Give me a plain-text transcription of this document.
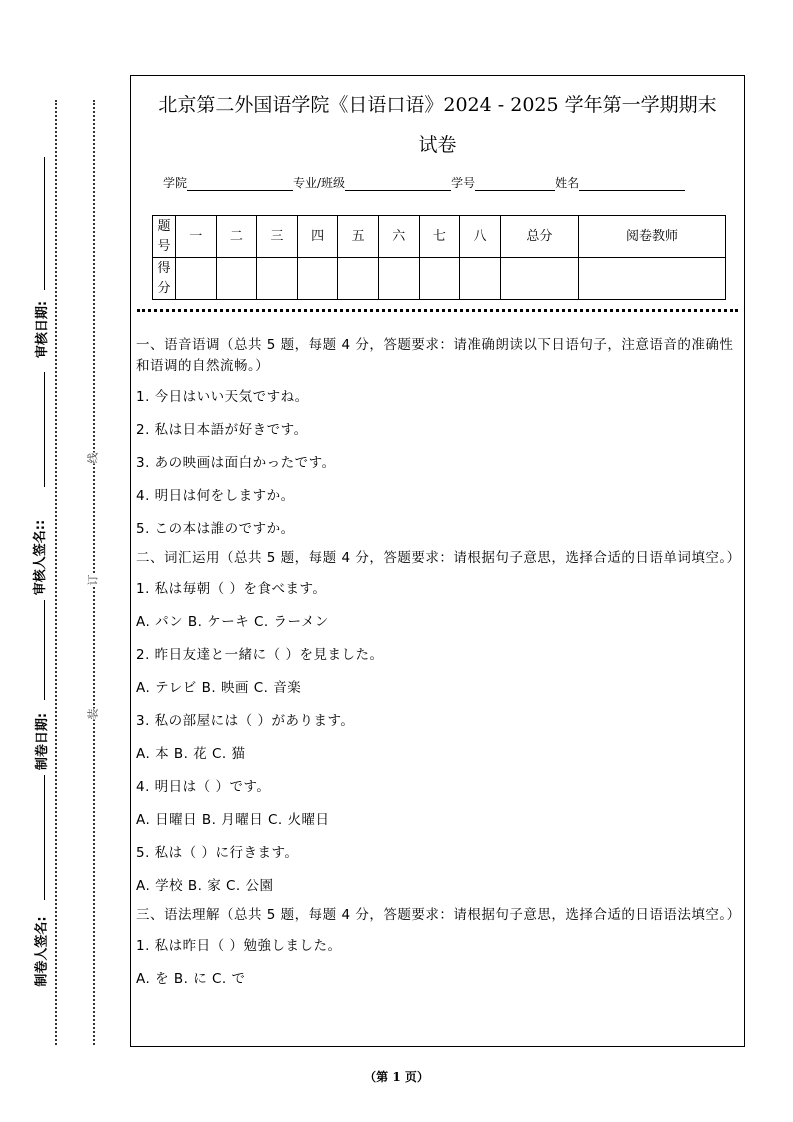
审核日期:
审核人签名::
制卷日期:
制卷人签名:
线
订
装
北京第二外国语学院《日语口语》2024 - 2025 学年第一学期期末
试卷
学院	专业/班级	学号	姓名
题号	一	二	三	四	五	六	七	八	总分	阅卷教师
得分										

一、语音语调（总共 5 题，每题 4 分，答题要求：请准确朗读以下日语句子，注意语音的准确性和语调的自然流畅。）

1. 今日はいい天気ですね。

2. 私は日本語が好きです。

3. あの映画は面白かったです。

4. 明日は何をしますか。

5. この本は誰のですか。

二、词汇运用（总共 5 题，每题 4 分，答题要求：请根据句子意思，选择合适的日语单词填空。）

1. 私は毎朝（ ）を食べます。

A. パン B. ケーキ C. ラーメン

2. 昨日友達と一緒に（ ）を見ました。

A. テレビ B. 映画 C. 音楽

3. 私の部屋には（ ）があります。

A. 本 B. 花 C. 猫

4. 明日は（ ）です。

A. 日曜日 B. 月曜日 C. 火曜日

5. 私は（ ）に行きます。

A. 学校 B. 家 C. 公園

三、语法理解（总共 5 题，每题 4 分，答题要求：请根据句子意思，选择合适的日语语法填空。）

1. 私は昨日（ ）勉強しました。

A. を B. に C. で

（第 1 页）
